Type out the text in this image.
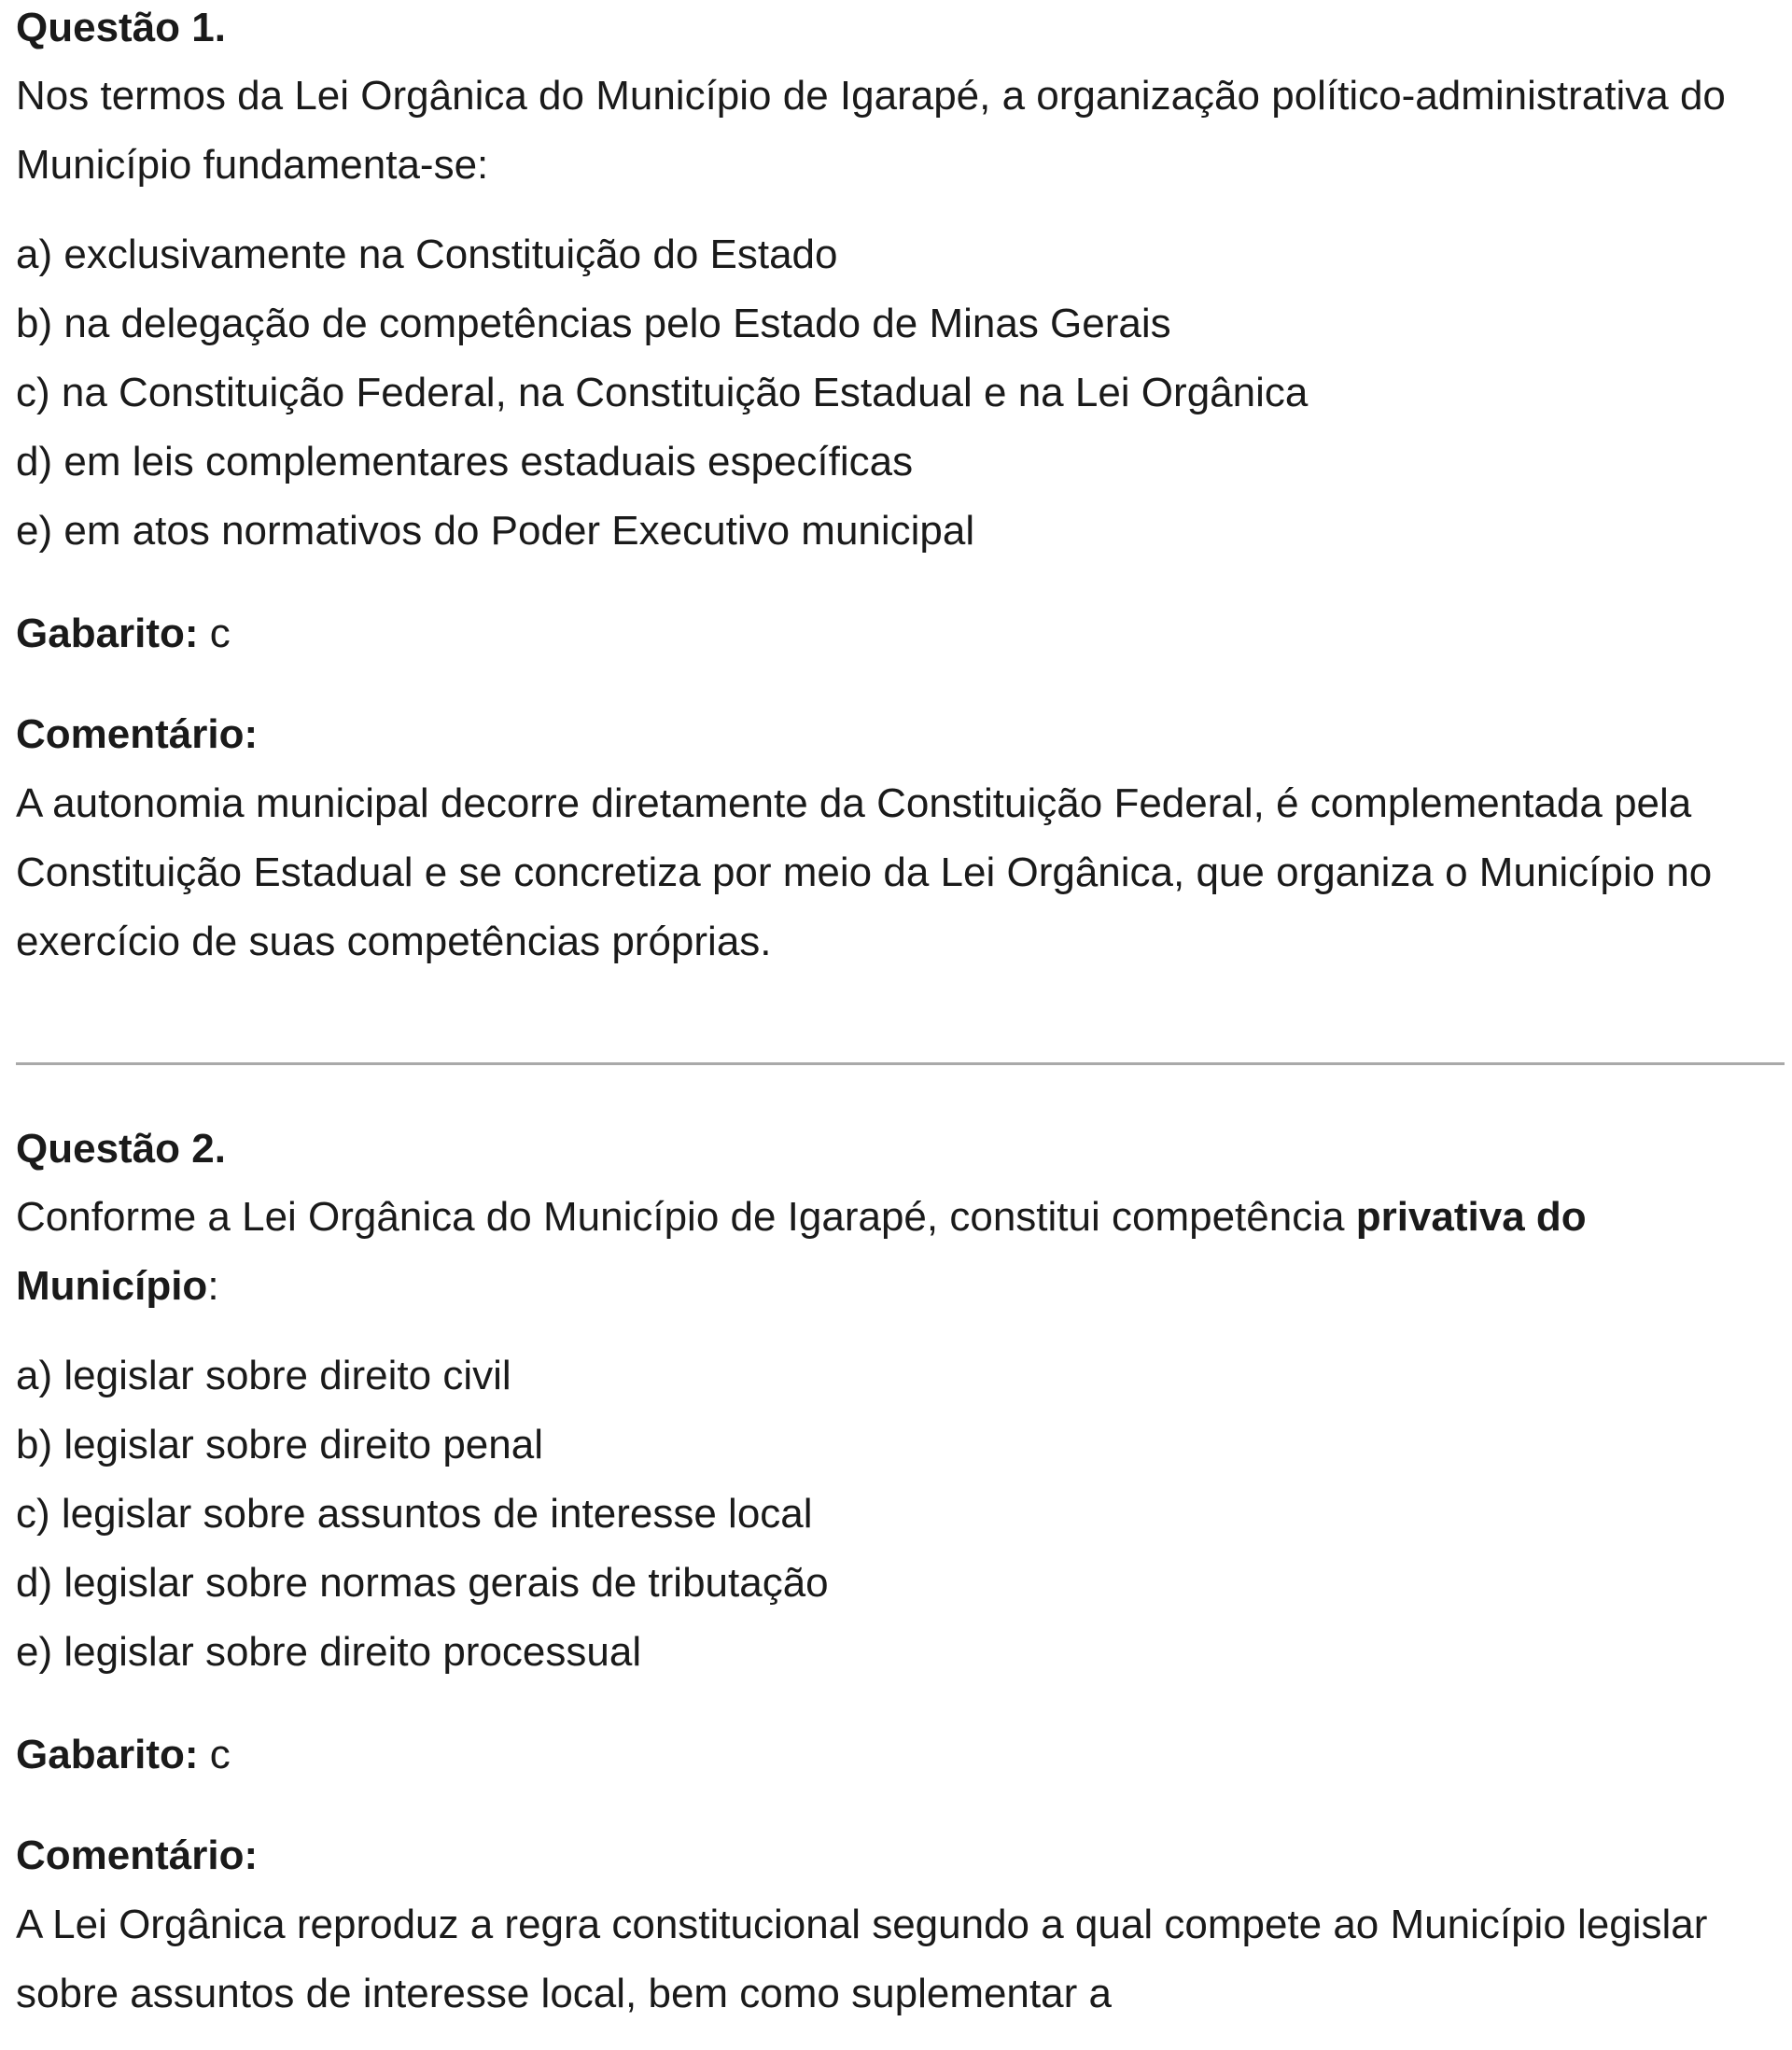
Questão 1.

Nos termos da Lei Orgânica do Município de Igarapé, a organização político-administrativa do Município fundamenta-se:

a) exclusivamente na Constituição do Estado
b) na delegação de competências pelo Estado de Minas Gerais
c) na Constituição Federal, na Constituição Estadual e na Lei Orgânica
d) em leis complementares estaduais específicas
e) em atos normativos do Poder Executivo municipal

Gabarito: c

Comentário:

A autonomia municipal decorre diretamente da Constituição Federal, é complementada pela Constituição Estadual e se concretiza por meio da Lei Orgânica, que organiza o Município no exercício de suas competências próprias.

Questão 2.

Conforme a Lei Orgânica do Município de Igarapé, constitui competência privativa do Município:

a) legislar sobre direito civil
b) legislar sobre direito penal
c) legislar sobre assuntos de interesse local
d) legislar sobre normas gerais de tributação
e) legislar sobre direito processual

Gabarito: c

Comentário:

A Lei Orgânica reproduz a regra constitucional segundo a qual compete ao Município legislar sobre assuntos de interesse local, bem como suplementar a
